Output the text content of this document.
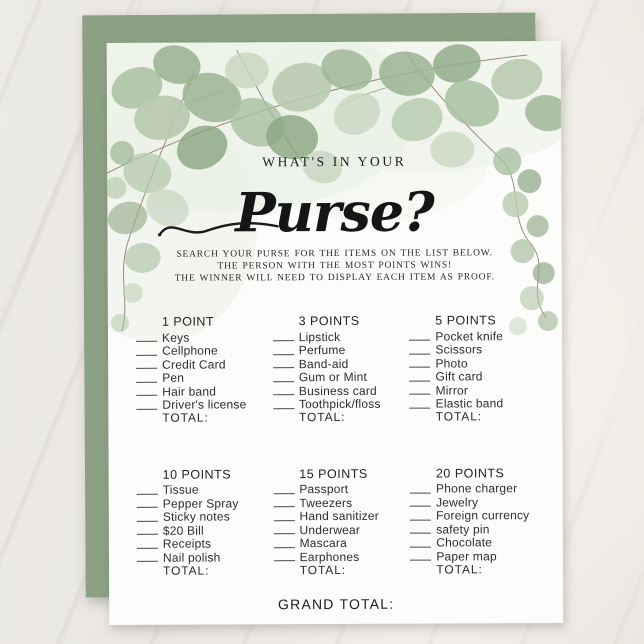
WHAT'S IN YOUR
Purse?
SEARCH YOUR PURSE FOR THE ITEMS ON THE LIST BELOW.
THE PERSON WITH THE MOST POINTS WINS!
THE WINNER WILL NEED TO DISPLAY EACH ITEM AS PROOF.
1 POINT
Keys
Cellphone
Credit Card
Pen
Hair band
Driver's license
TOTAL:
3 POINTS
Lipstick
Perfume
Band-aid
Gum or Mint
Business card
Toothpick/floss
TOTAL:
5 POINTS
Pocket knife
Scissors
Photo
Gift card
Mirror
Elastic band
TOTAL:
10 POINTS
Tissue
Pepper Spray
Sticky notes
$20 Bill
Receipts
Nail polish
TOTAL:
15 POINTS
Passport
Tweezers
Hand sanitizer
Underwear
Mascara
Earphones
TOTAL:
20 POINTS
Phone charger
Jewelry
Foreign currency
safety pin
Chocolate
Paper map
TOTAL:
GRAND TOTAL:
